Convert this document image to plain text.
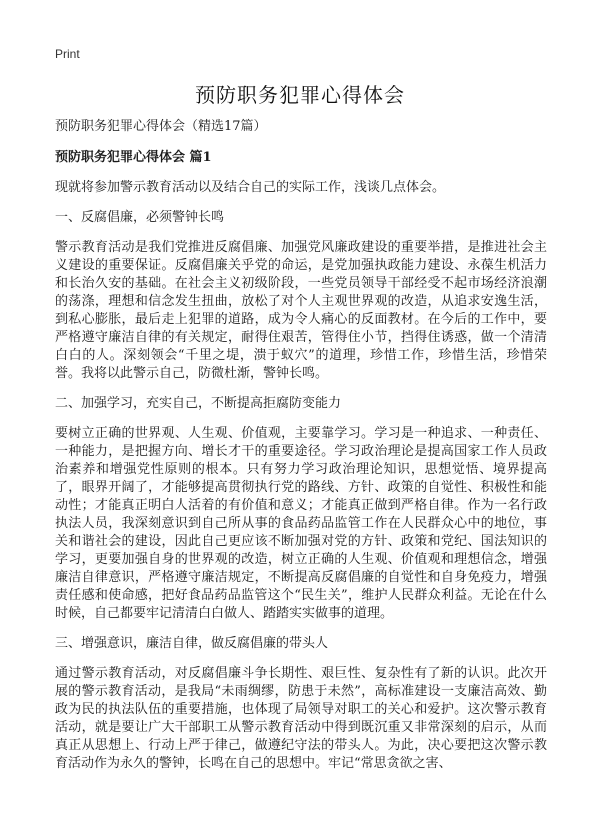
Print
预防职务犯罪心得体会
预防职务犯罪心得体会（精选17篇）
预防职务犯罪心得体会 篇1
现就将参加警示教育活动以及结合自己的实际工作，浅谈几点体会。
一、反腐倡廉，必须警钟长鸣
警示教育活动是我们党推进反腐倡廉、加强党风廉政建设的重要举措，是推进社会主义建设的重要保证。反腐倡廉关乎党的命运，是党加强执政能力建设、永葆生机活力和长治久安的基础。在社会主义初级阶段，一些党员领导干部经受不起市场经济浪潮的荡涤，理想和信念发生扭曲，放松了对个人主观世界观的改造，从追求安逸生活，到私心膨胀，最后走上犯罪的道路，成为令人痛心的反面教材。在今后的工作中，要严格遵守廉洁自律的有关规定，耐得住艰苦，管得住小节，挡得住诱惑，做一个清清白白的人。深刻领会“千里之堤，溃于蚁穴”的道理，珍惜工作，珍惜生活，珍惜荣誉。我将以此警示自己，防微杜渐，警钟长鸣。
二、加强学习，充实自己，不断提高拒腐防变能力
要树立正确的世界观、人生观、价值观，主要靠学习。学习是一种追求、一种责任、一种能力，是把握方向、增长才干的重要途径。学习政治理论是提高国家工作人员政治素养和增强党性原则的根本。只有努力学习政治理论知识，思想觉悟、境界提高了，眼界开阔了，才能够提高贯彻执行党的路线、方针、政策的自觉性、积极性和能动性；才能真正明白人活着的有价值和意义；才能真正做到严格自律。作为一名行政执法人员，我深刻意识到自己所从事的食品药品监管工作在人民群众心中的地位，事关和谐社会的建设，因此自己更应该不断加强对党的方针、政策和党纪、国法知识的学习，更要加强自身的世界观的改造，树立正确的人生观、价值观和理想信念，增强廉洁自律意识，严格遵守廉洁规定，不断提高反腐倡廉的自觉性和自身免疫力，增强责任感和使命感，把好食品药品监管这个“民生关”，维护人民群众利益。无论在什么时候，自己都要牢记清清白白做人、踏踏实实做事的道理。
三、增强意识，廉洁自律，做反腐倡廉的带头人
通过警示教育活动，对反腐倡廉斗争长期性、艰巨性、复杂性有了新的认识。此次开展的警示教育活动，是我局“未雨绸缪，防患于未然”，高标准建设一支廉洁高效、勤政为民的执法队伍的重要措施，也体现了局领导对职工的关心和爱护。这次警示教育活动，就是要让广大干部职工从警示教育活动中得到既沉重又非常深刻的启示，从而真正从思想上、行动上严于律己，做遵纪守法的带头人。为此，决心要把这次警示教育活动作为永久的警钟，长鸣在自己的思想中。牢记“常思贪欲之害、
